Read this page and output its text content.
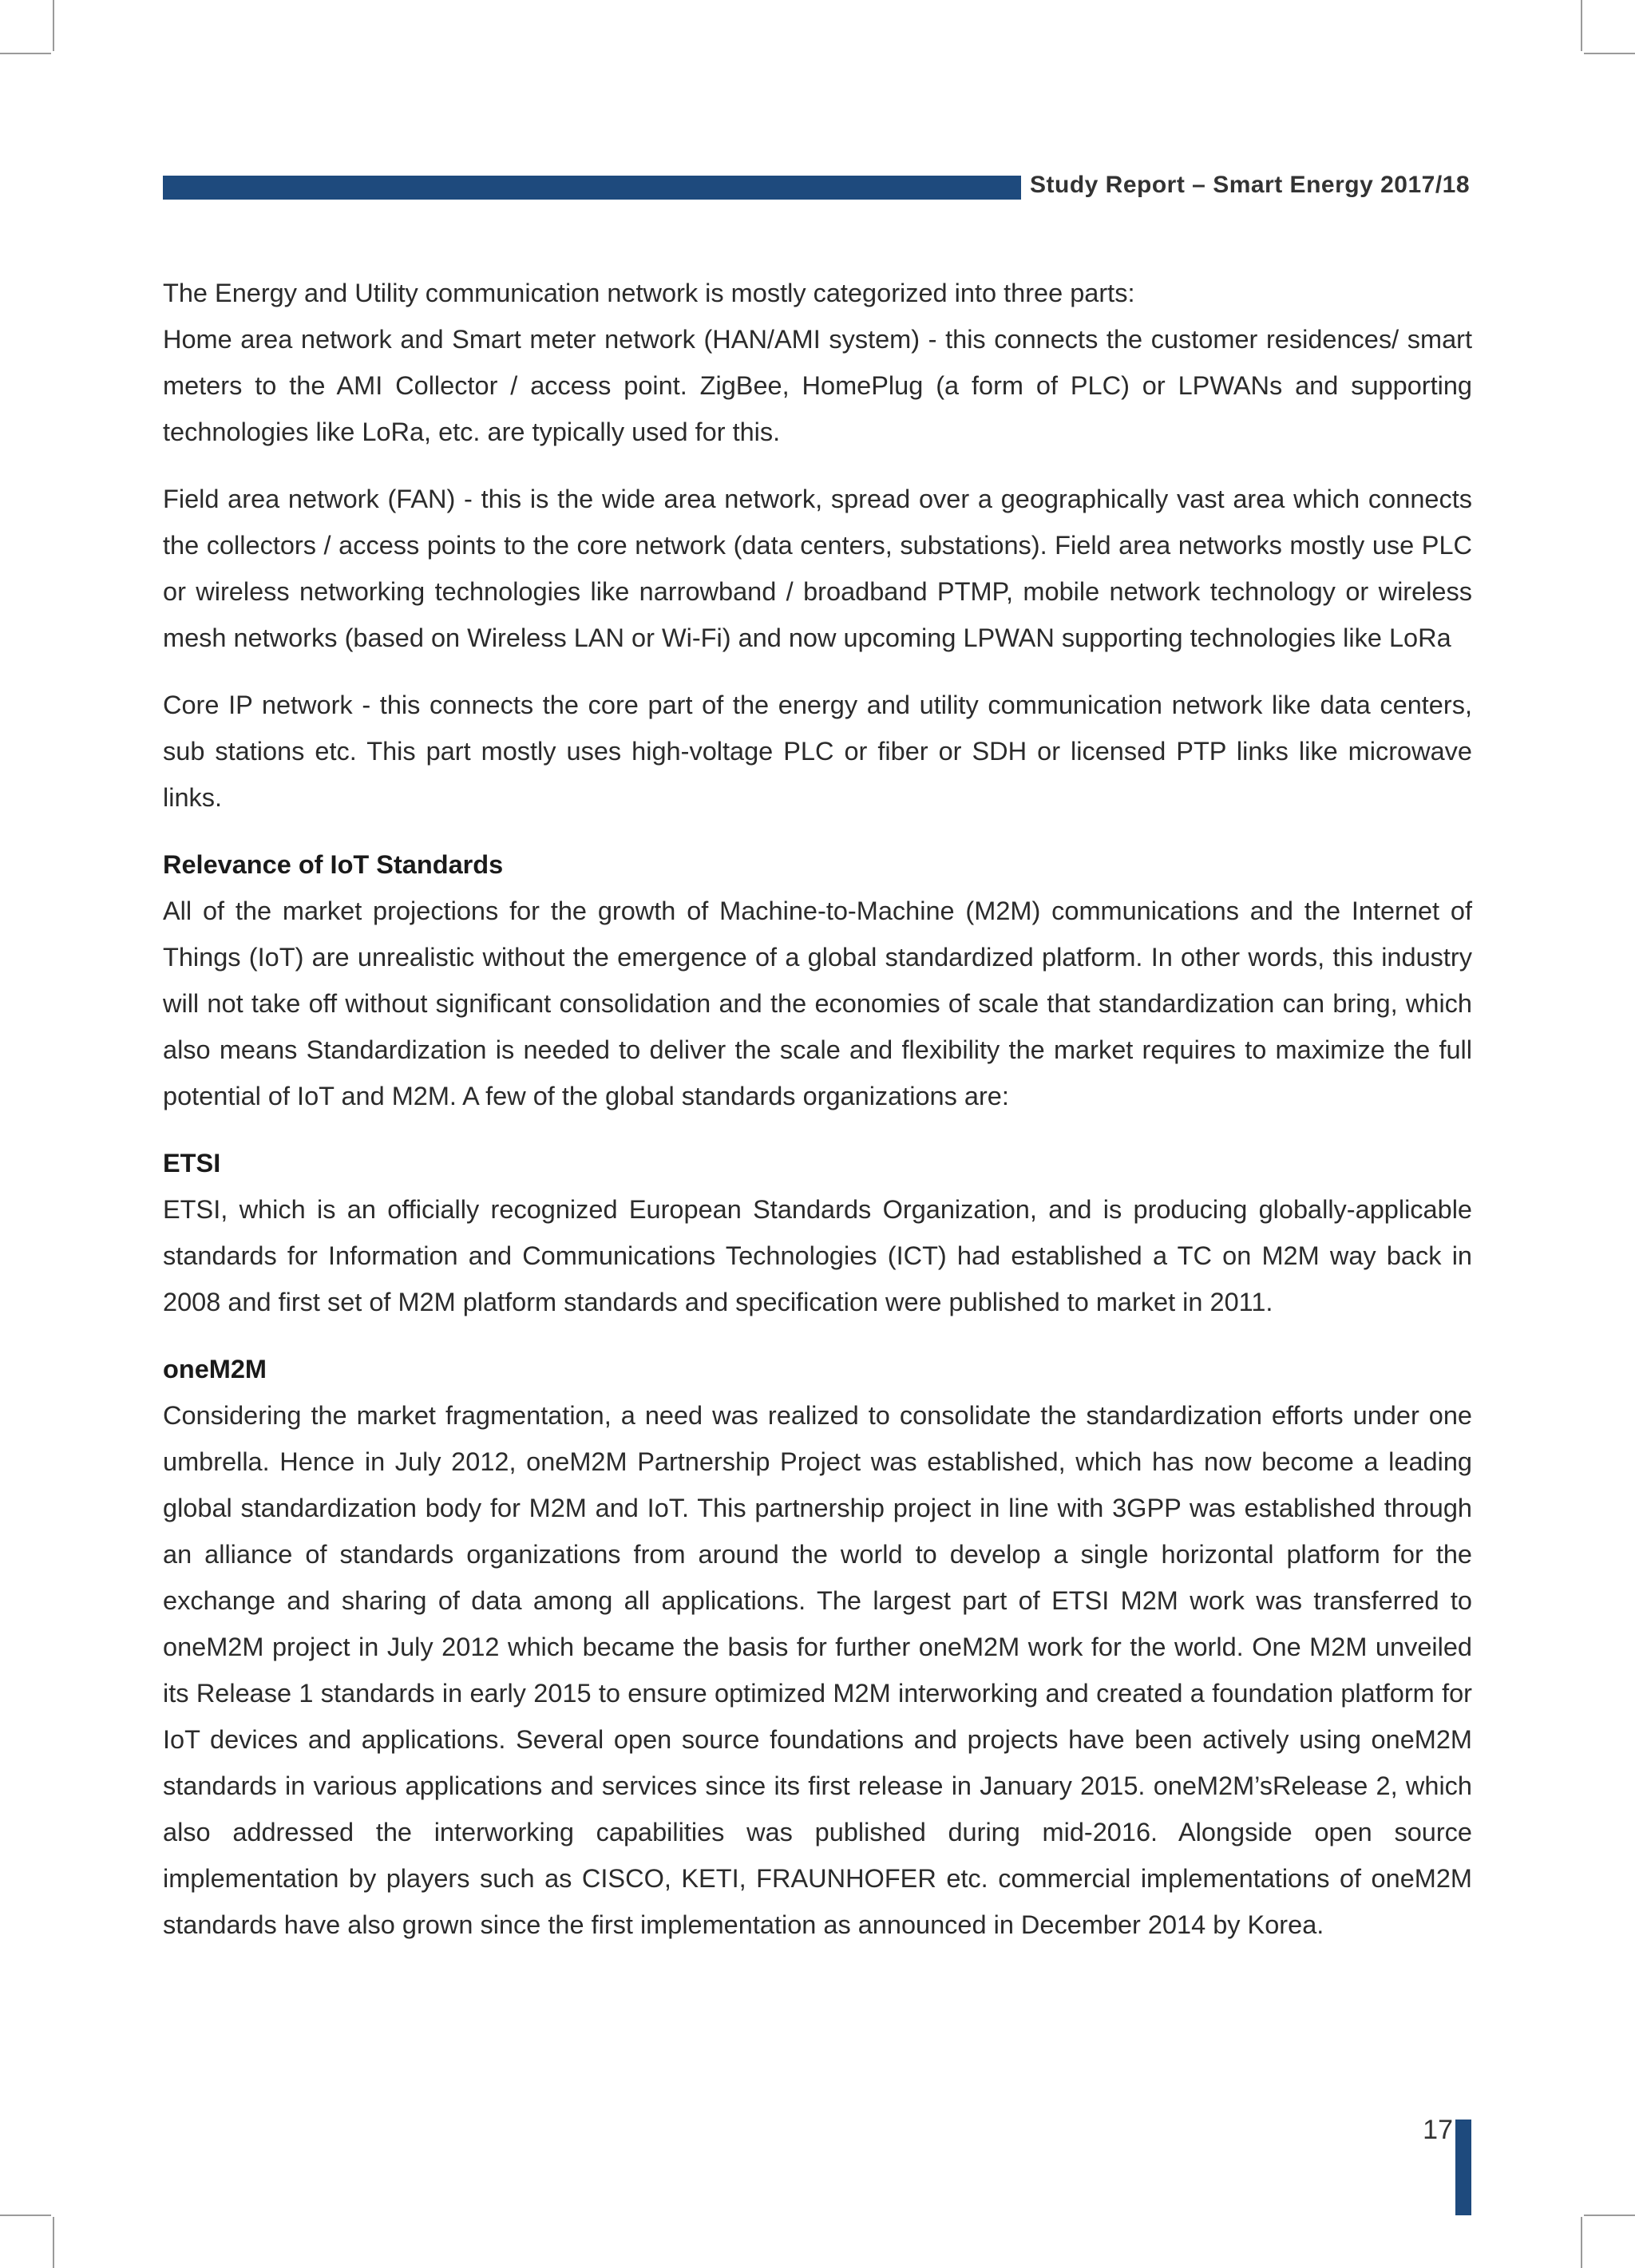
Study Report – Smart Energy 2017/18

The Energy and Utility communication network is mostly categorized into three parts:

Home area network and Smart meter network (HAN/AMI system) - this connects the customer residences/ smart meters to the AMI Collector / access point. ZigBee, HomePlug (a form of PLC) or LPWANs and supporting technologies like LoRa, etc. are typically used for this.

Field area network (FAN) - this is the wide area network, spread over a geographically vast area which connects the collectors / access points to the core network (data centers, substations). Field area networks mostly use PLC or wireless networking technologies like narrowband / broadband PTMP, mobile network technology or wireless mesh networks (based on Wireless LAN or Wi-Fi) and now upcoming LPWAN supporting technologies like LoRa

Core IP network - this connects the core part of the energy and utility communication network like data centers, sub stations etc. This part mostly uses high-voltage PLC or fiber or SDH or licensed PTP links like microwave links.

Relevance of IoT Standards

All of the market projections for the growth of Machine-to-Machine (M2M) communications and the Internet of Things (IoT) are unrealistic without the emergence of a global standardized platform. In other words, this industry will not take off without significant consolidation and the economies of scale that standardization can bring, which also means Standardization is needed to deliver the scale and flexibility the market requires to maximize the full potential of IoT and M2M. A few of the global standards organizations are:

ETSI

ETSI, which is an officially recognized European Standards Organization, and is producing globally-applicable standards for Information and Communications Technologies (ICT) had established a TC on M2M way back in 2008 and first set of M2M platform standards and specification were published to market in 2011.

oneM2M

Considering the market fragmentation, a need was realized to consolidate the standardization efforts under one umbrella. Hence in July 2012, oneM2M Partnership Project was established, which has now become a leading global standardization body for M2M and IoT. This partnership project in line with 3GPP was established through an alliance of standards organizations from around the world to develop a single horizontal platform for the exchange and sharing of data among all applications. The largest part of ETSI M2M work was transferred to oneM2M project in July 2012 which became the basis for further oneM2M work for the world. One M2M unveiled its Release 1 standards in early 2015 to ensure optimized M2M interworking and created a foundation platform for IoT devices and applications. Several open source foundations and projects have been actively using oneM2M standards in various applications and services since its first release in January 2015. oneM2M’sRelease 2, which also addressed the interworking capabilities was published during mid-2016. Alongside open source implementation by players such as CISCO, KETI, FRAUNHOFER etc. commercial implementations of oneM2M standards have also grown since the first implementation as announced in December 2014 by Korea.

17
